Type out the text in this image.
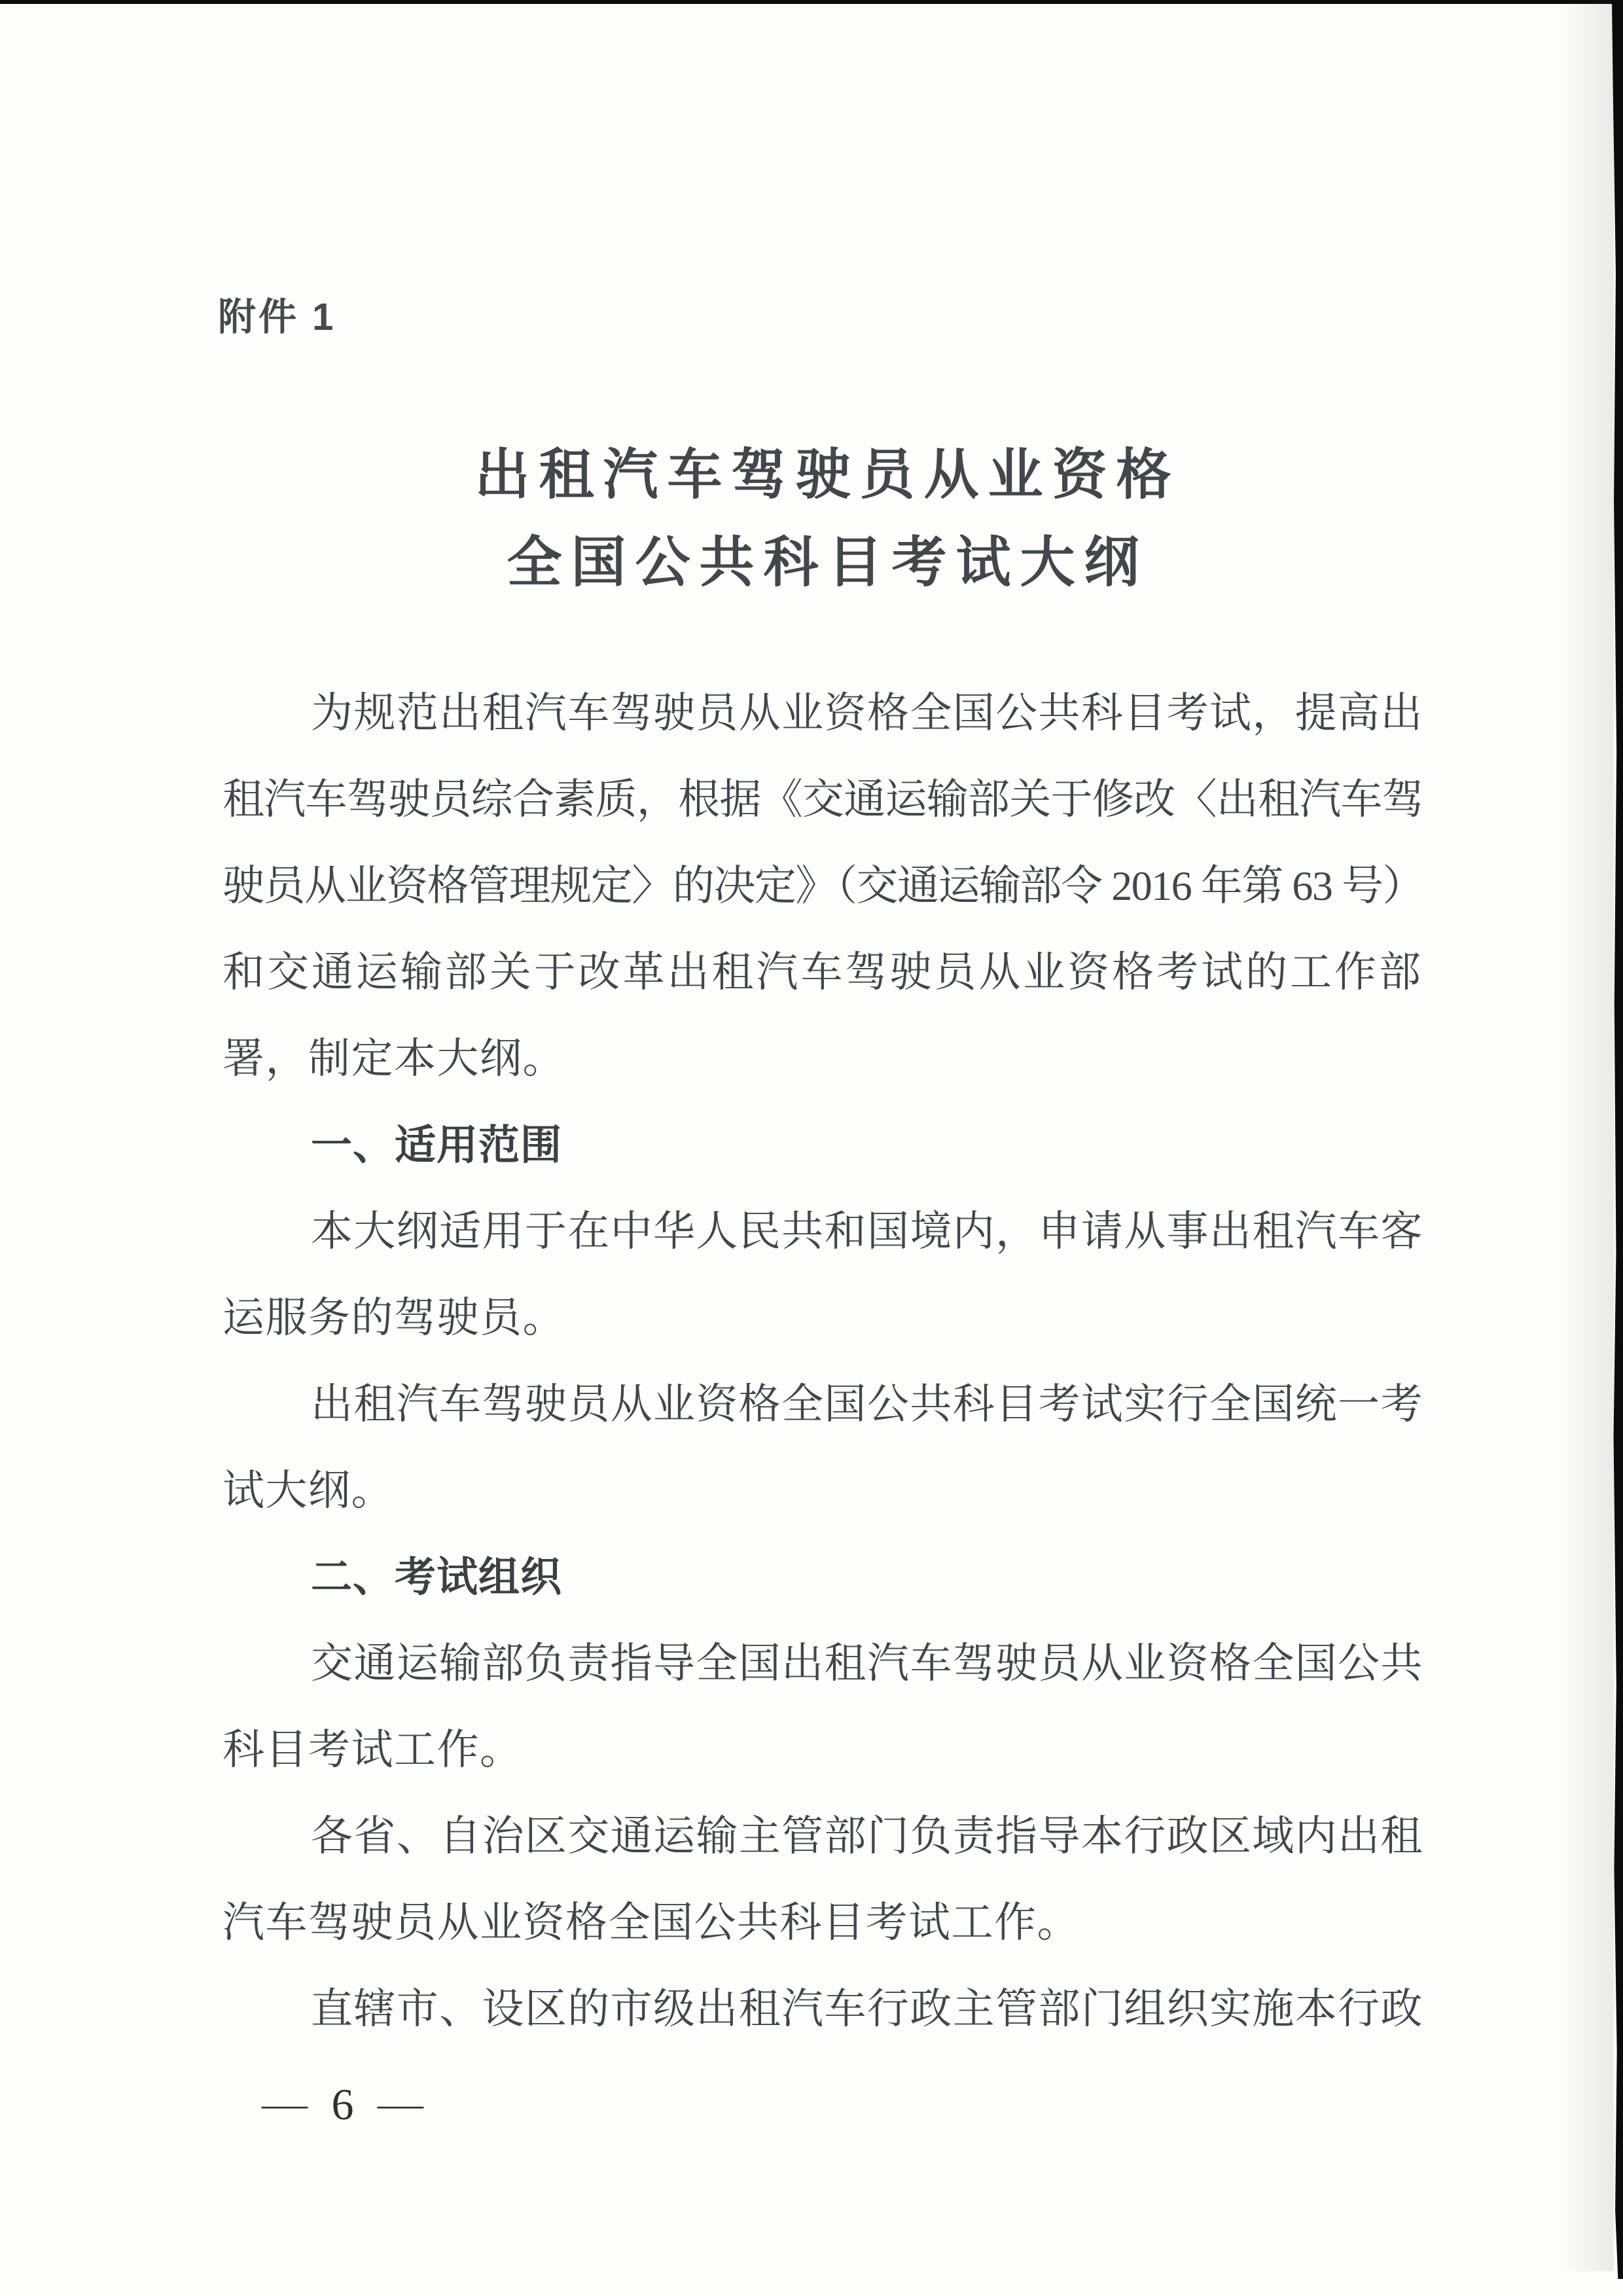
附件 1
出租汽车驾驶员从业资格
全国公共科目考试大纲
为规范出租汽车驾驶员从业资格全国公共科目考试，提高出
租汽车驾驶员综合素质，根据《交通运输部关于修改〈出租汽车驾
驶员从业资格管理规定〉的决定》（交通运输部令 2016 年第 63 号）
和交通运输部关于改革出租汽车驾驶员从业资格考试的工作部
署，制定本大纲。
一、适用范围
本大纲适用于在中华人民共和国境内，申请从事出租汽车客
运服务的驾驶员。
出租汽车驾驶员从业资格全国公共科目考试实行全国统一考
试大纲。
二、考试组织
交通运输部负责指导全国出租汽车驾驶员从业资格全国公共
科目考试工作。
各省、自治区交通运输主管部门负责指导本行政区域内出租
汽车驾驶员从业资格全国公共科目考试工作。
直辖市、设区的市级出租汽车行政主管部门组织实施本行政
— 6 —
